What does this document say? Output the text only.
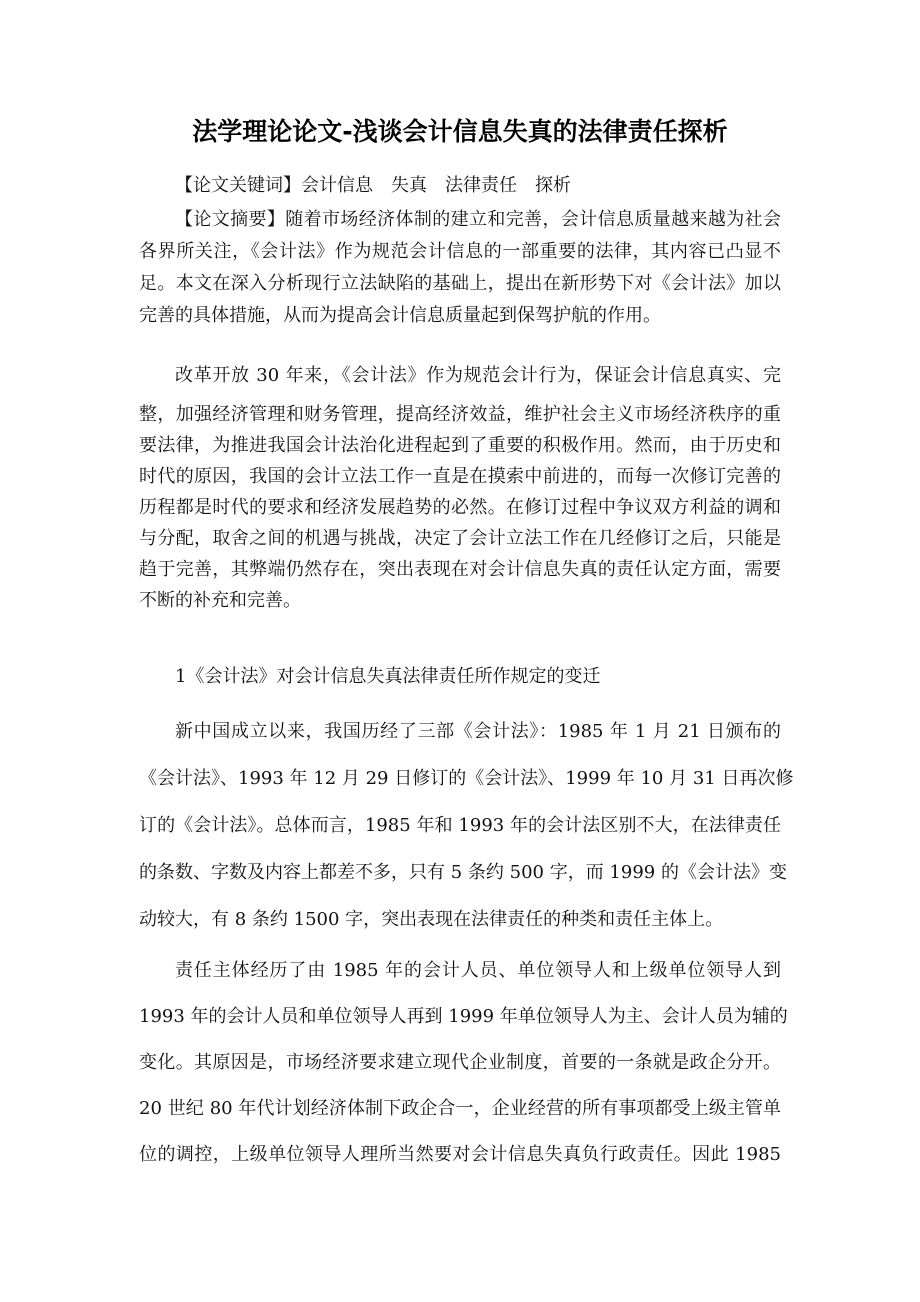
法学理论论文-浅谈会计信息失真的法律责任探析
【论文关键词】会计信息　失真　法律责任　探析
【论文摘要】随着市场经济体制的建立和完善，会计信息质量越来越为社会
各界所关注，《会计法》作为规范会计信息的一部重要的法律，其内容已凸显不
足。本文在深入分析现行立法缺陷的基础上，提出在新形势下对《会计法》加以
完善的具体措施，从而为提高会计信息质量起到保驾护航的作用。
改革开放 30 年来，《会计法》作为规范会计行为，保证会计信息真实、完
整，加强经济管理和财务管理，提高经济效益，维护社会主义市场经济秩序的重
要法律，为推进我国会计法治化进程起到了重要的积极作用。然而，由于历史和
时代的原因，我国的会计立法工作一直是在摸索中前进的，而每一次修订完善的
历程都是时代的要求和经济发展趋势的必然。在修订过程中争议双方利益的调和
与分配，取舍之间的机遇与挑战，决定了会计立法工作在几经修订之后，只能是
趋于完善，其弊端仍然存在，突出表现在对会计信息失真的责任认定方面，需要
不断的补充和完善。
1《会计法》对会计信息失真法律责任所作规定的变迁
新中国成立以来，我国历经了三部《会计法》：1985 年 1 月 21 日颁布的
《会计法》、1993 年 12 月 29 日修订的《会计法》、1999 年 10 月 31 日再次修
订的《会计法》。总体而言，1985 年和 1993 年的会计法区别不大，在法律责任
的条数、字数及内容上都差不多，只有 5 条约 500 字，而 1999 的《会计法》变
动较大，有 8 条约 1500 字，突出表现在法律责任的种类和责任主体上。
责任主体经历了由 1985 年的会计人员、单位领导人和上级单位领导人到
1993 年的会计人员和单位领导人再到 1999 年单位领导人为主、会计人员为辅的
变化。其原因是，市场经济要求建立现代企业制度，首要的一条就是政企分开。
20 世纪 80 年代计划经济体制下政企合一，企业经营的所有事项都受上级主管单
位的调控，上级单位领导人理所当然要对会计信息失真负行政责任。因此 1985
